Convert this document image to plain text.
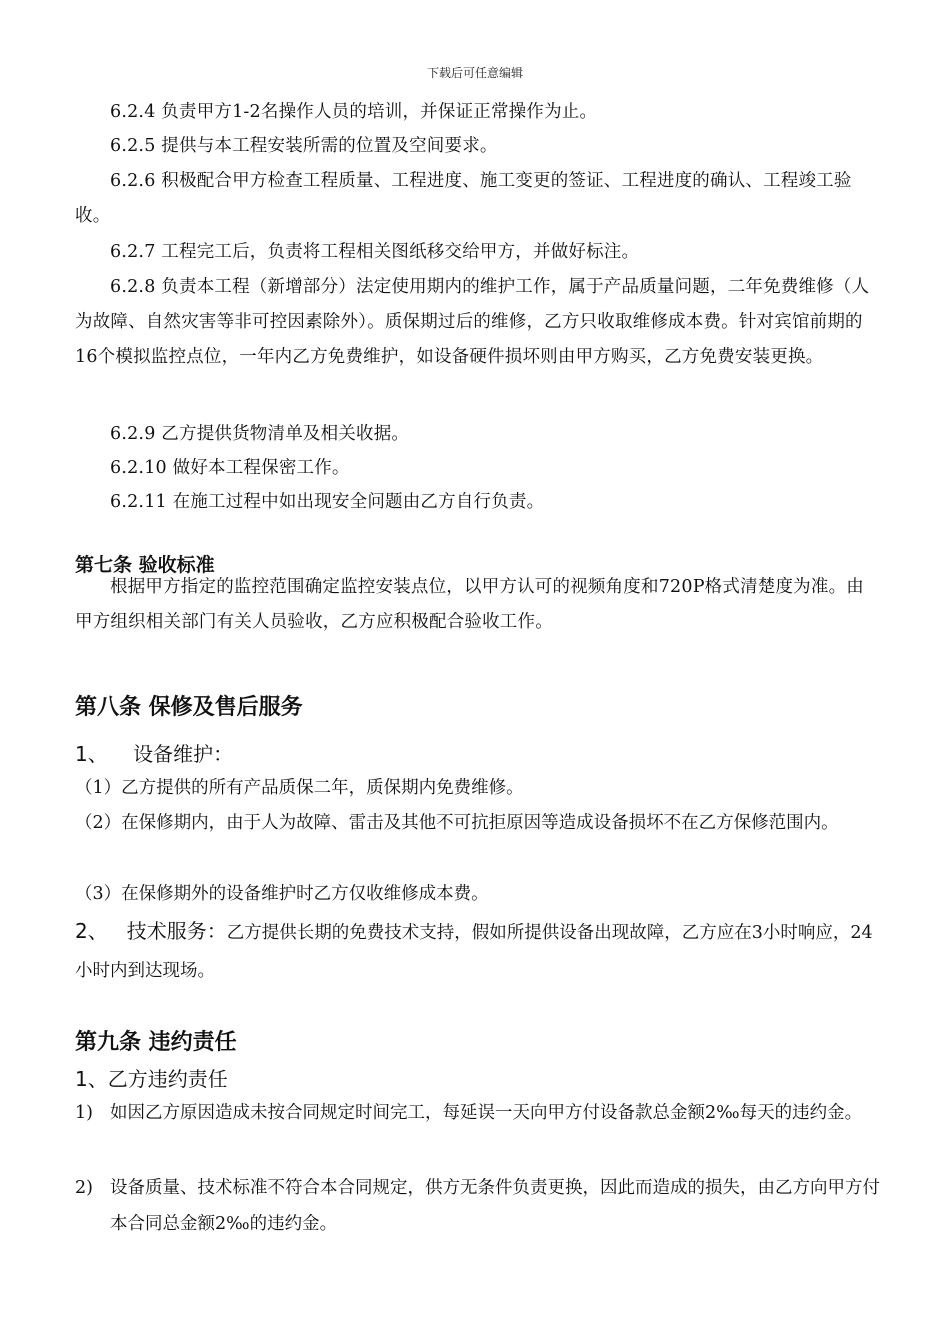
下载后可任意编辑

6.2.4 负责甲方1-2名操作人员的培训，并保证正常操作为止。

6.2.5 提供与本工程安装所需的位置及空间要求。

6.2.6 积极配合甲方检查工程质量、工程进度、施工变更的签证、工程进度的确认、工程竣工验收。

6.2.7 工程完工后，负责将工程相关图纸移交给甲方，并做好标注。

6.2.8 负责本工程（新增部分）法定使用期内的维护工作，属于产品质量问题，二年免费维修（人为故障、自然灾害等非可控因素除外）。质保期过后的维修，乙方只收取维修成本费。针对宾馆前期的16个模拟监控点位，一年内乙方免费维护，如设备硬件损坏则由甲方购买，乙方免费安装更换。

6.2.9 乙方提供货物清单及相关收据。

6.2.10 做好本工程保密工作。

6.2.11 在施工过程中如出现安全问题由乙方自行负责。

第七条 验收标准

根据甲方指定的监控范围确定监控安装点位，以甲方认可的视频角度和720P格式清楚度为准。由甲方组织相关部门有关人员验收，乙方应积极配合验收工作。

第八条 保修及售后服务

1、    设备维护：

（1）乙方提供的所有产品质保二年，质保期内免费维修。

（2）在保修期内，由于人为故障、雷击及其他不可抗拒原因等造成设备损坏不在乙方保修范围内。

（3）在保修期外的设备维护时乙方仅收维修成本费。

2、   技术服务：乙方提供长期的免费技术支持，假如所提供设备出现故障，乙方应在3小时响应，24小时内到达现场。

第九条 违约责任

1、乙方违约责任

1) 如因乙方原因造成未按合同规定时间完工，每延误一天向甲方付设备款总金额2‰每天的违约金。
2) 设备质量、技术标准不符合本合同规定，供方无条件负责更换，因此而造成的损失，由乙方向甲方付本合同总金额2‰的违约金。
